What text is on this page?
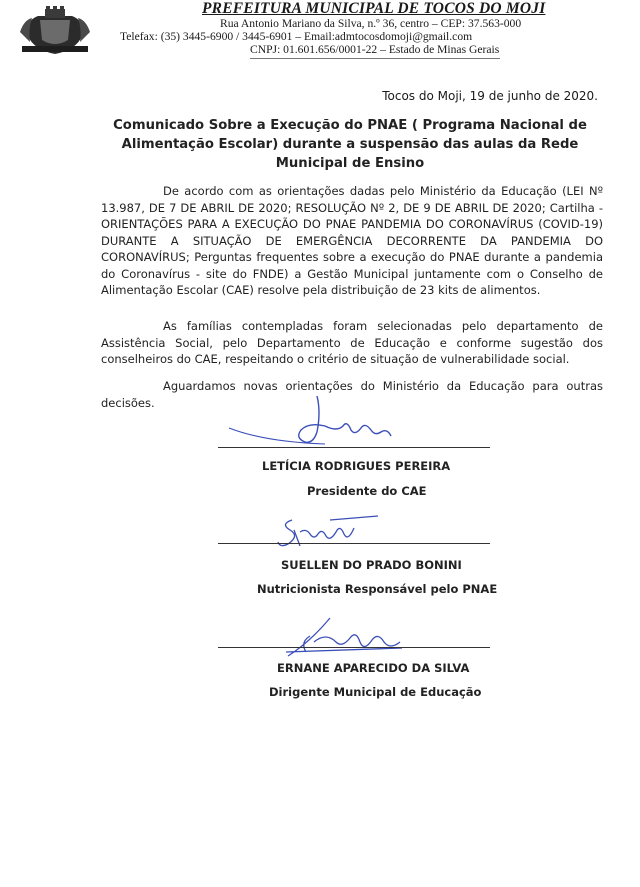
PREFEITURA MUNICIPAL DE TOCOS DO MOJI
Rua Antonio Mariano da Silva, n.º 36, centro – CEP: 37.563-000
Telefax: (35) 3445-6900 / 3445-6901 – Email:admtocosdomoji@gmail.com
CNPJ: 01.601.656/0001-22 – Estado de Minas Gerais
Tocos do Moji, 19 de junho de 2020.
Comunicado Sobre a Execução do PNAE ( Programa Nacional de Alimentação Escolar) durante a suspensão das aulas da Rede Municipal de Ensino
De acordo com as orientações dadas pelo Ministério da Educação (LEI Nº 13.987, DE 7 DE ABRIL DE 2020; RESOLUÇÃO Nº 2, DE 9 DE ABRIL DE 2020; Cartilha - ORIENTAÇÕES PARA A EXECUÇÃO DO PNAE PANDEMIA DO CORONAVÍRUS (COVID-19) DURANTE A SITUAÇÃO DE EMERGÊNCIA DECORRENTE DA PANDEMIA DO CORONAVÍRUS; Perguntas frequentes sobre a execução do PNAE durante a pandemia do Coronavírus - site do FNDE) a Gestão Municipal juntamente com o Conselho de Alimentação Escolar (CAE) resolve pela distribuição de 23 kits de alimentos.
As famílias contempladas foram selecionadas pelo departamento de Assistência Social, pelo Departamento de Educação e conforme sugestão dos conselheiros do CAE, respeitando o critério de situação de vulnerabilidade social.
Aguardamos novas orientações do Ministério da Educação para outras decisões.
LETÍCIA RODRIGUES PEREIRA
Presidente do CAE
SUELLEN DO PRADO BONINI
Nutricionista Responsável pelo PNAE
ERNANE APARECIDO DA SILVA
Dirigente Municipal de Educação
